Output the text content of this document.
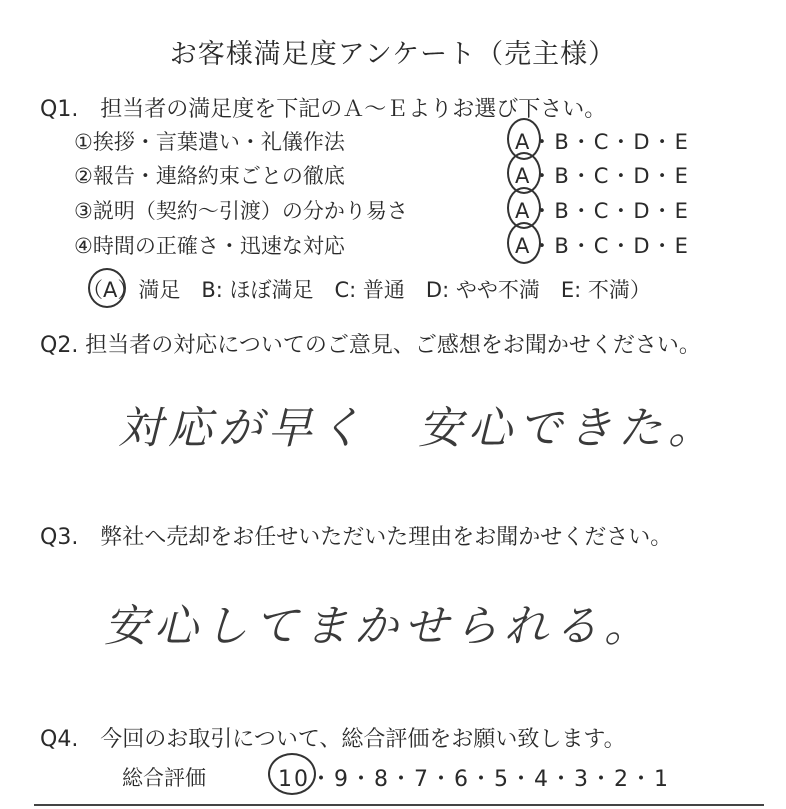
お客様満足度アンケート（売主様）
Q1.　担当者の満足度を下記のＡ～Ｅよりお選び下さい。
①挨拶・言葉遣い・礼儀作法	A・B・C・D・E
②報告・連絡約束ごとの徹底	A・B・C・D・E
③説明（契約～引渡）の分かり易さ	A・B・C・D・E
④時間の正確さ・迅速な対応	A・B・C・D・E
（A）満足　B: ほぼ満足　C: 普通　D: やや不満　E: 不満）
Q2. 担当者の対応についてのご意見、ご感想をお聞かせください。
対応が早く　安心できた。
Q3.　弊社へ売却をお任せいただいた理由をお聞かせください。
安心してまかせられる。
Q4.　今回のお取引について、総合評価をお願い致します。
総合評価	10・9・8・7・6・5・4・3・2・1
